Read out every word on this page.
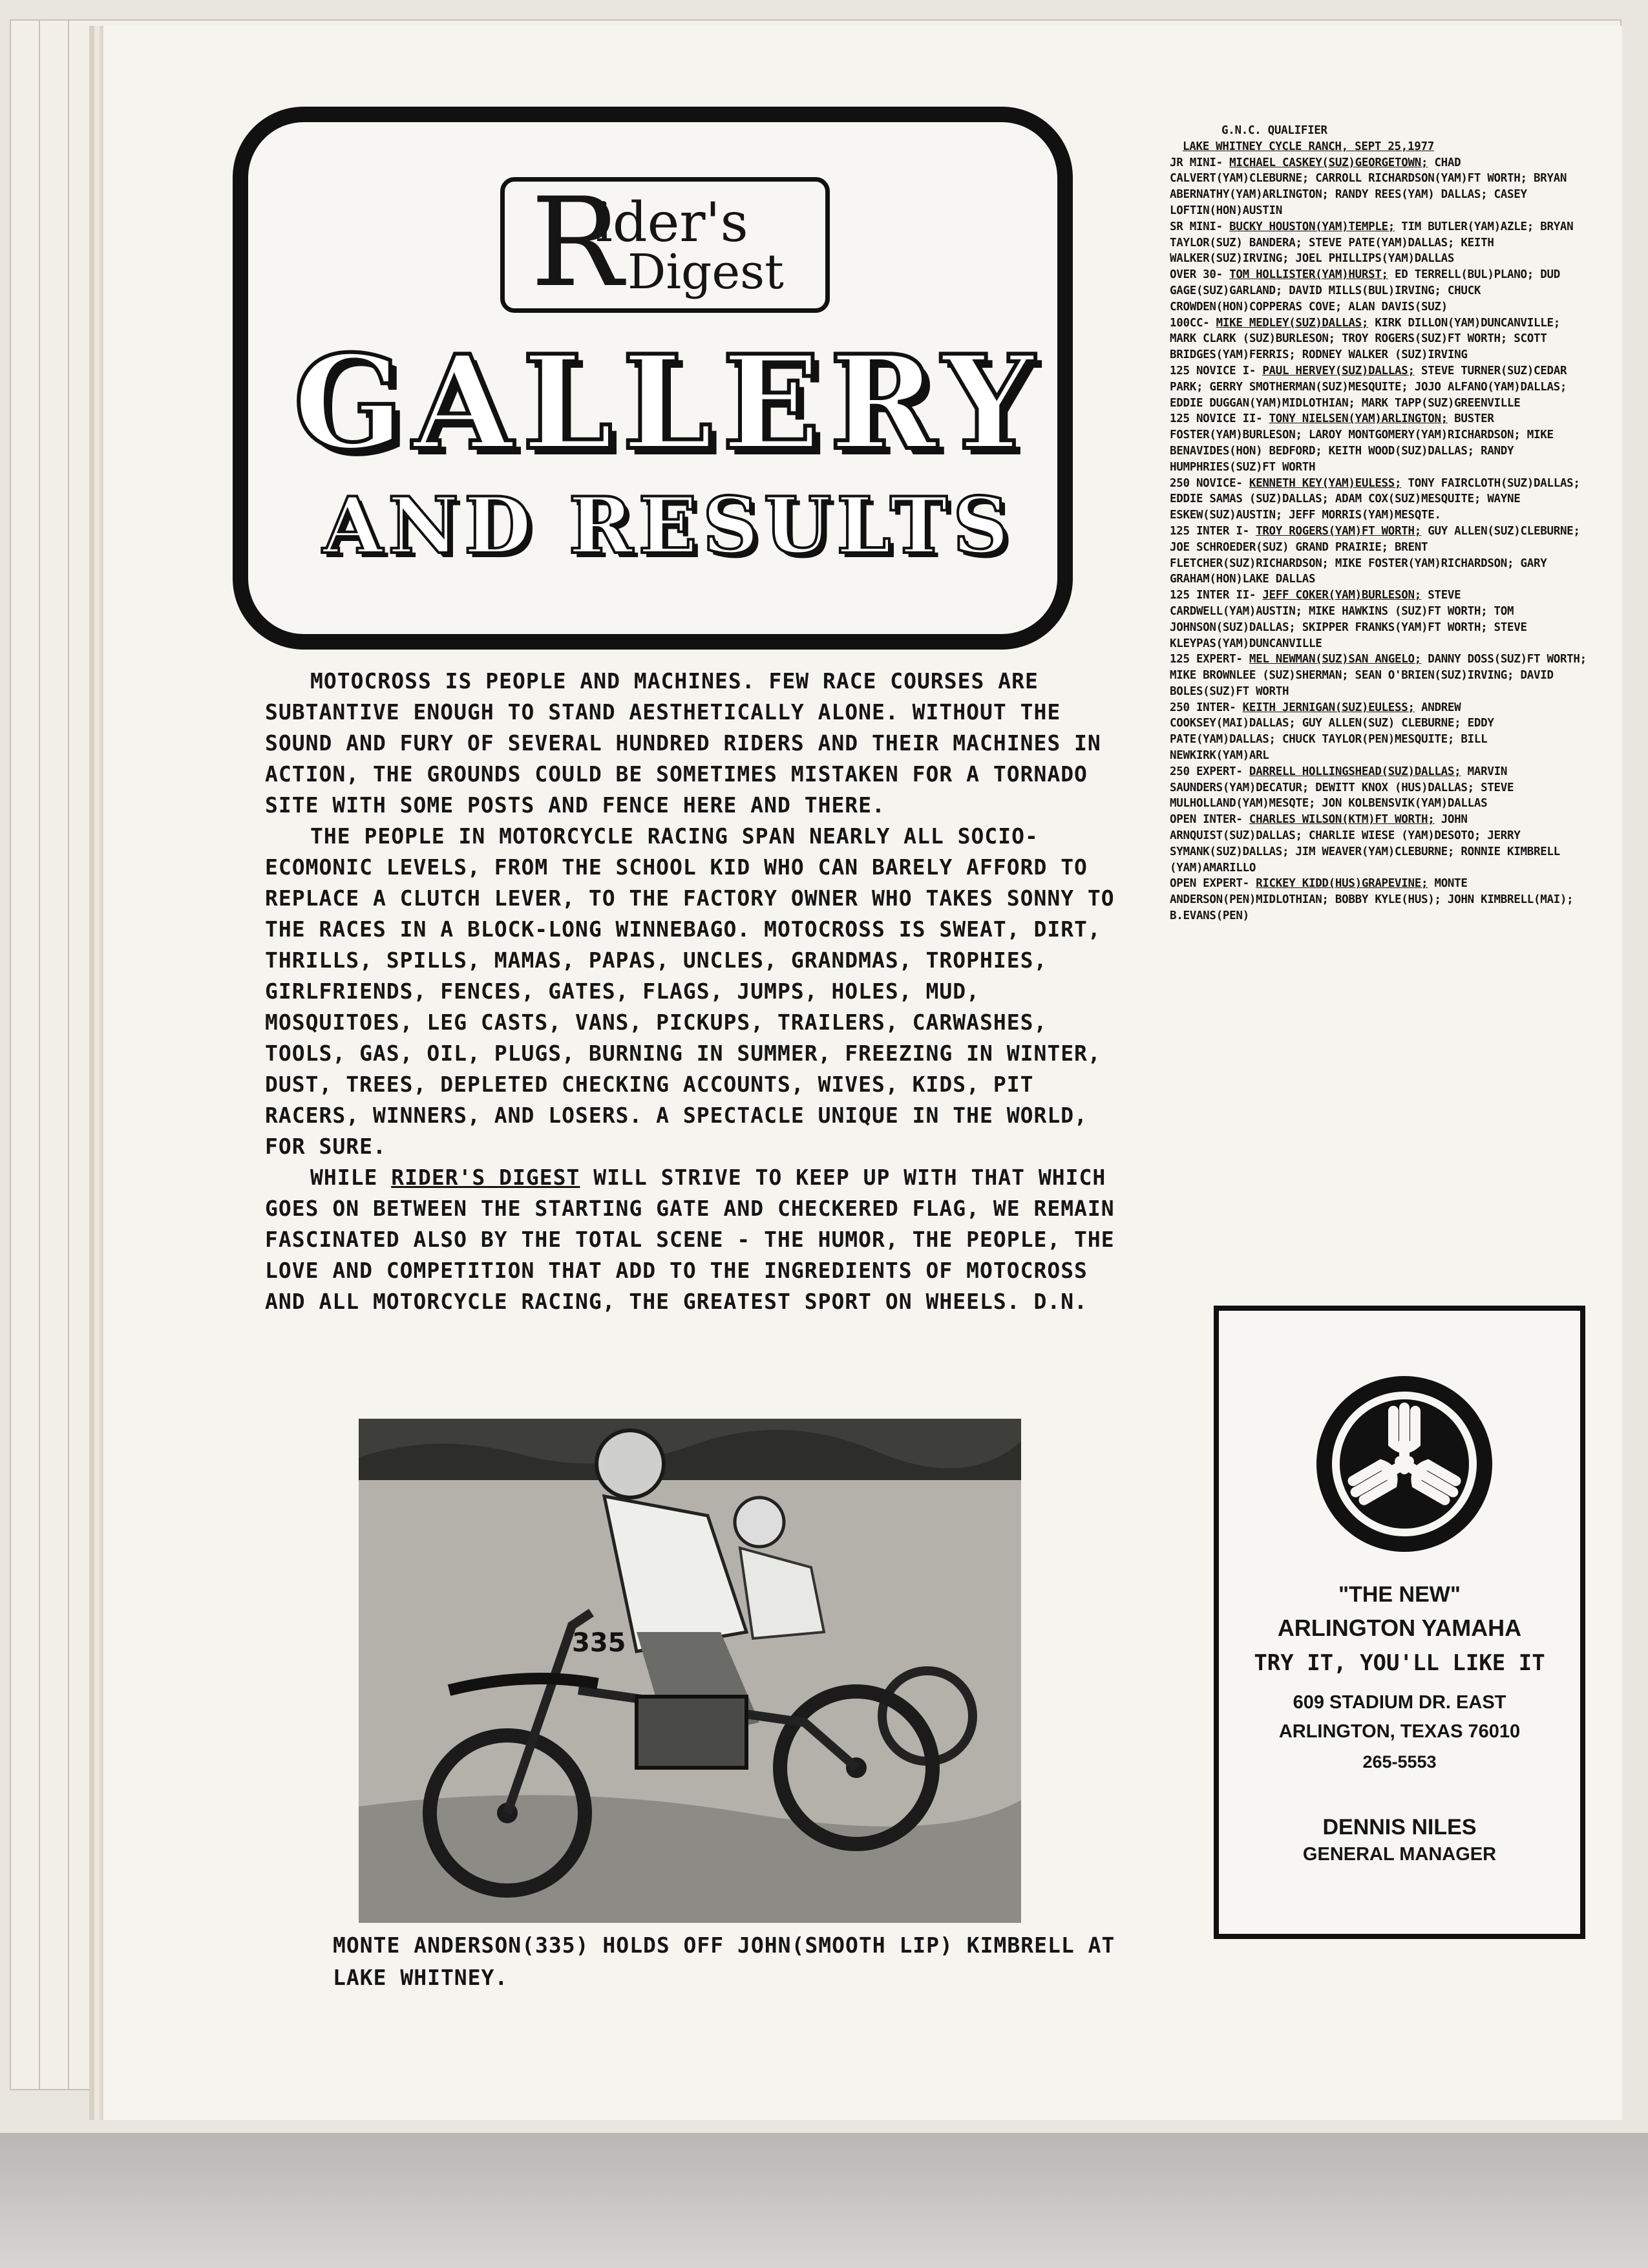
R
ider's
Digest
GALLERY
AND RESULTS

MOTOCROSS IS PEOPLE AND MACHINES. FEW RACE COURSES ARE SUBTANTIVE ENOUGH TO STAND AESTHETICALLY ALONE. WITHOUT THE SOUND AND FURY OF SEVERAL HUNDRED RIDERS AND THEIR MACHINES IN ACTION, THE GROUNDS COULD BE SOMETIMES MISTAKEN FOR A TORNADO SITE WITH SOME POSTS AND FENCE HERE AND THERE.

THE PEOPLE IN MOTORCYCLE RACING SPAN NEARLY ALL SOCIO-ECOMONIC LEVELS, FROM THE SCHOOL KID WHO CAN BARELY AFFORD TO REPLACE A CLUTCH LEVER, TO THE FACTORY OWNER WHO TAKES SONNY TO THE RACES IN A BLOCK-LONG WINNEBAGO. MOTOCROSS IS SWEAT, DIRT, THRILLS, SPILLS, MAMAS, PAPAS, UNCLES, GRANDMAS, TROPHIES, GIRLFRIENDS, FENCES, GATES, FLAGS, JUMPS, HOLES, MUD, MOSQUITOES, LEG CASTS, VANS, PICKUPS, TRAILERS, CARWASHES, TOOLS, GAS, OIL, PLUGS, BURNING IN SUMMER, FREEZING IN WINTER, DUST, TREES, DEPLETED CHECKING ACCOUNTS, WIVES, KIDS, PIT RACERS, WINNERS, AND LOSERS. A SPECTACLE UNIQUE IN THE WORLD, FOR SURE.

WHILE RIDER'S DIGEST WILL STRIVE TO KEEP UP WITH THAT WHICH GOES ON BETWEEN THE STARTING GATE AND CHECKERED FLAG, WE REMAIN FASCINATED ALSO BY THE TOTAL SCENE - THE HUMOR, THE PEOPLE, THE LOVE AND COMPETITION THAT ADD TO THE INGREDIENTS OF MOTOCROSS AND ALL MOTORCYCLE RACING, THE GREATEST SPORT ON WHEELS. D.N.

335
MONTE ANDERSON(335) HOLDS OFF JOHN(SMOOTH LIP) KIMBRELL AT LAKE WHITNEY.
G.N.C. QUALIFIER
LAKE WHITNEY CYCLE RANCH, SEPT 25,1977
JR MINI- MICHAEL CASKEY(SUZ)GEORGETOWN; CHAD CALVERT(YAM)CLEBURNE; CARROLL RICHARDSON(YAM)FT WORTH; BRYAN ABERNATHY(YAM)ARLINGTON; RANDY REES(YAM) DALLAS; CASEY LOFTIN(HON)AUSTIN
SR MINI- BUCKY HOUSTON(YAM)TEMPLE; TIM BUTLER(YAM)AZLE; BRYAN TAYLOR(SUZ) BANDERA; STEVE PATE(YAM)DALLAS; KEITH WALKER(SUZ)IRVING; JOEL PHILLIPS(YAM)DALLAS
OVER 30- TOM HOLLISTER(YAM)HURST; ED TERRELL(BUL)PLANO; DUD GAGE(SUZ)GARLAND; DAVID MILLS(BUL)IRVING; CHUCK CROWDEN(HON)COPPERAS COVE; ALAN DAVIS(SUZ)
100CC- MIKE MEDLEY(SUZ)DALLAS; KIRK DILLON(YAM)DUNCANVILLE; MARK CLARK (SUZ)BURLESON; TROY ROGERS(SUZ)FT WORTH; SCOTT BRIDGES(YAM)FERRIS; RODNEY WALKER (SUZ)IRVING
125 NOVICE I- PAUL HERVEY(SUZ)DALLAS; STEVE TURNER(SUZ)CEDAR PARK; GERRY SMOTHERMAN(SUZ)MESQUITE; JOJO ALFANO(YAM)DALLAS; EDDIE DUGGAN(YAM)MIDLOTHIAN; MARK TAPP(SUZ)GREENVILLE
125 NOVICE II- TONY NIELSEN(YAM)ARLINGTON; BUSTER FOSTER(YAM)BURLESON; LAROY MONTGOMERY(YAM)RICHARDSON; MIKE BENAVIDES(HON) BEDFORD; KEITH WOOD(SUZ)DALLAS; RANDY HUMPHRIES(SUZ)FT WORTH
250 NOVICE- KENNETH KEY(YAM)EULESS; TONY FAIRCLOTH(SUZ)DALLAS; EDDIE SAMAS (SUZ)DALLAS; ADAM COX(SUZ)MESQUITE; WAYNE ESKEW(SUZ)AUSTIN; JEFF MORRIS(YAM)MESQTE.
125 INTER I- TROY ROGERS(YAM)FT WORTH; GUY ALLEN(SUZ)CLEBURNE; JOE SCHROEDER(SUZ) GRAND PRAIRIE; BRENT FLETCHER(SUZ)RICHARDSON; MIKE FOSTER(YAM)RICHARDSON; GARY GRAHAM(HON)LAKE DALLAS
125 INTER II- JEFF COKER(YAM)BURLESON; STEVE CARDWELL(YAM)AUSTIN; MIKE HAWKINS (SUZ)FT WORTH; TOM JOHNSON(SUZ)DALLAS; SKIPPER FRANKS(YAM)FT WORTH; STEVE KLEYPAS(YAM)DUNCANVILLE
125 EXPERT- MEL NEWMAN(SUZ)SAN ANGELO; DANNY DOSS(SUZ)FT WORTH; MIKE BROWNLEE (SUZ)SHERMAN; SEAN O'BRIEN(SUZ)IRVING; DAVID BOLES(SUZ)FT WORTH
250 INTER- KEITH JERNIGAN(SUZ)EULESS; ANDREW COOKSEY(MAI)DALLAS; GUY ALLEN(SUZ) CLEBURNE; EDDY PATE(YAM)DALLAS; CHUCK TAYLOR(PEN)MESQUITE; BILL NEWKIRK(YAM)ARL
250 EXPERT- DARRELL HOLLINGSHEAD(SUZ)DALLAS; MARVIN SAUNDERS(YAM)DECATUR; DEWITT KNOX (HUS)DALLAS; STEVE MULHOLLAND(YAM)MESQTE; JON KOLBENSVIK(YAM)DALLAS
OPEN INTER- CHARLES WILSON(KTM)FT WORTH; JOHN ARNQUIST(SUZ)DALLAS; CHARLIE WIESE (YAM)DESOTO; JERRY SYMANK(SUZ)DALLAS; JIM WEAVER(YAM)CLEBURNE; RONNIE KIMBRELL (YAM)AMARILLO
OPEN EXPERT- RICKEY KIDD(HUS)GRAPEVINE; MONTE ANDERSON(PEN)MIDLOTHIAN; BOBBY KYLE(HUS); JOHN KIMBRELL(MAI); B.EVANS(PEN)
"THE NEW"
ARLINGTON YAMAHA
TRY IT, YOU'LL LIKE IT
609 STADIUM DR. EAST
ARLINGTON, TEXAS 76010
265-5553
DENNIS NILES
GENERAL MANAGER
